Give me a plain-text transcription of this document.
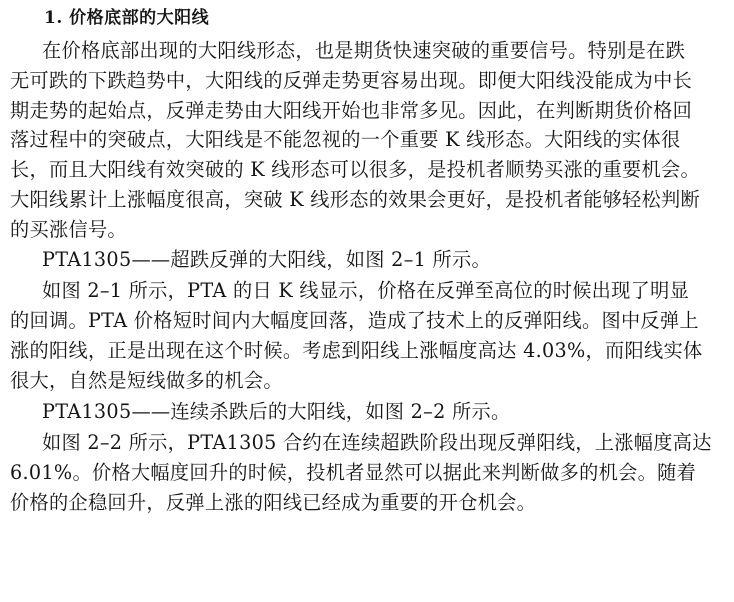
1. 价格底部的大阳线
在价格底部出现的大阳线形态，也是期货快速突破的重要信号。特别是在跌
无可跌的下跌趋势中，大阳线的反弹走势更容易出现。即便大阳线没能成为中长
期走势的起始点，反弹走势由大阳线开始也非常多见。因此，在判断期货价格回
落过程中的突破点，大阳线是不能忽视的一个重要 K 线形态。大阳线的实体很
长，而且大阳线有效突破的 K 线形态可以很多，是投机者顺势买涨的重要机会。
大阳线累计上涨幅度很高，突破 K 线形态的效果会更好，是投机者能够轻松判断
的买涨信号。
PTA1305——超跌反弹的大阳线，如图 2–1 所示。
如图 2–1 所示，PTA 的日 K 线显示，价格在反弹至高位的时候出现了明显
的回调。PTA 价格短时间内大幅度回落，造成了技术上的反弹阳线。图中反弹上
涨的阳线，正是出现在这个时候。考虑到阳线上涨幅度高达 4.03%，而阳线实体
很大，自然是短线做多的机会。
PTA1305——连续杀跌后的大阳线，如图 2–2 所示。
如图 2–2 所示，PTA1305 合约在连续超跌阶段出现反弹阳线，上涨幅度高达
6.01%。价格大幅度回升的时候，投机者显然可以据此来判断做多的机会。随着
价格的企稳回升，反弹上涨的阳线已经成为重要的开仓机会。
